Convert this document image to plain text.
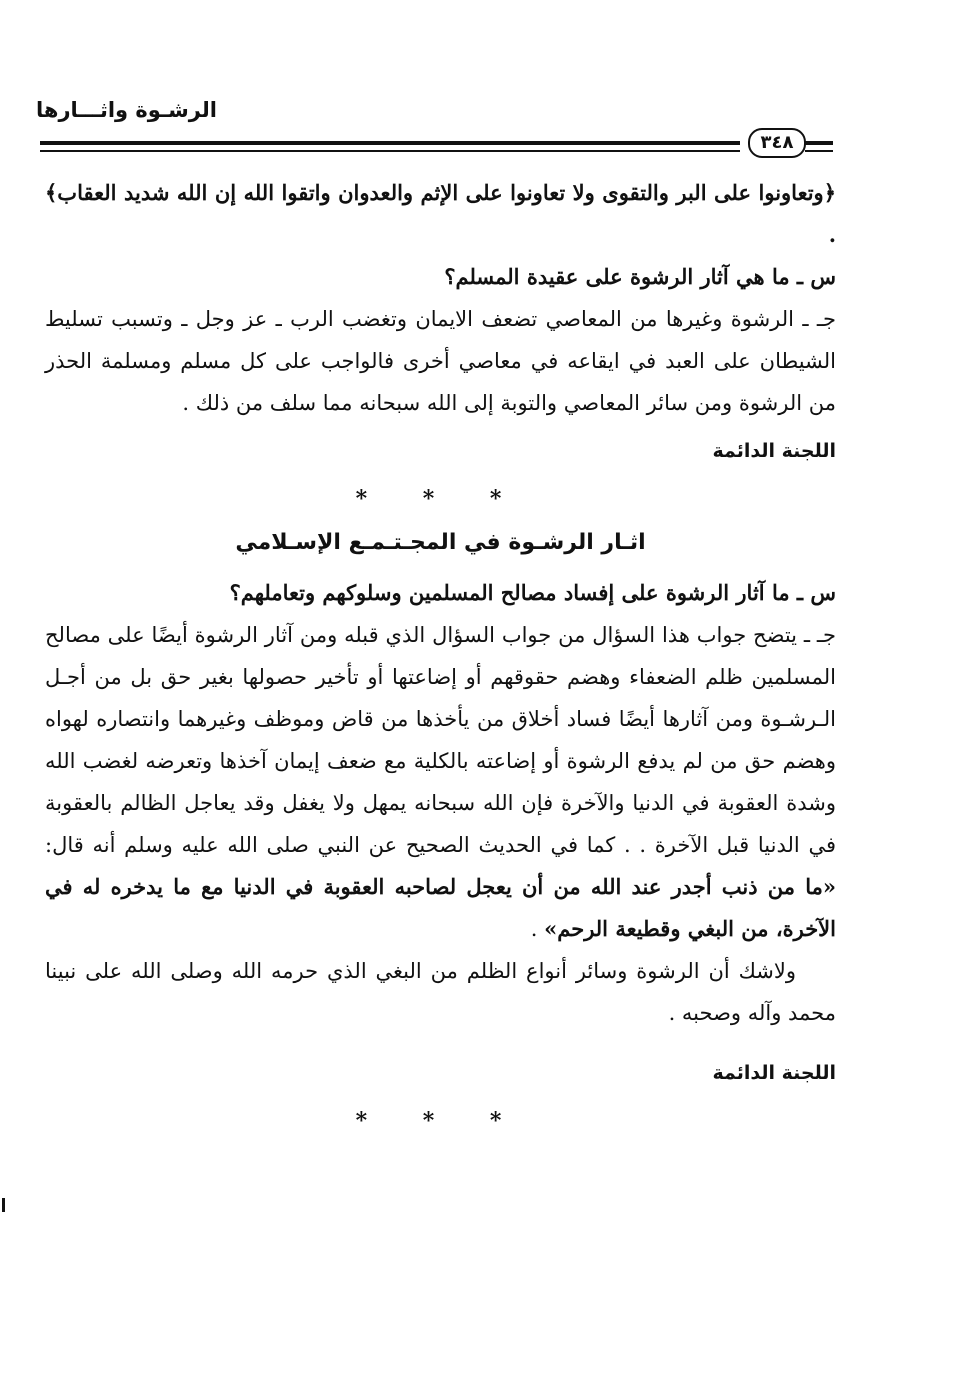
الرشـوة واثـــارها
٣٤٨

﴿وتعاونوا على البر والتقوى ولا تعاونوا على الإثم والعدوان واتقوا الله إن الله شديد العقاب﴾ .

س ـ ما هي آثار الرشوة على عقيدة المسلم؟

جـ ـ الرشوة وغيرها من المعاصي تضعف الايمان وتغضب الرب ـ عز وجل ـ وتسبب تسليط الشيطان على العبد في ايقاعه في معاصي أخرى فالواجب على كل مسلم ومسلمة الحذر من الرشوة ومن سائر المعاصي والتوبة إلى الله سبحانه مما سلف من ذلك .

اللجنة الدائمة

* * *
اثـار الرشـوة في المجـتـمـع الإسـلامي

س ـ ما آثار الرشوة على إفساد مصالح المسلمين وسلوكهم وتعاملهم؟

جـ ـ يتضح جواب هذا السؤال من جواب السؤال الذي قبله ومن آثار الرشوة أيضًا على مصالح المسلمين ظلم الضعفاء وهضم حقوقهم أو إضاعتها أو تأخير حصولها بغير حق بل من أجـل الـرشـوة ومن آثارها أيضًا فساد أخلاق من يأخذها من قاض وموظف وغيرهما وانتصاره لهواه وهضم حق من لم يدفع الرشوة أو إضاعته بالكلية مع ضعف إيمان آخذها وتعرضه لغضب الله وشدة العقوبة في الدنيا والآخرة فإن الله سبحانه يمهل ولا يغفل وقد يعاجل الظالم بالعقوبة في الدنيا قبل الآخرة . . كما في الحديث الصحيح عن النبي صلى الله عليه وسلم أنه قال: «ما من ذنب أجدر عند الله من أن يعجل لصاحبه العقوبة في الدنيا مع ما يدخره له في الآخرة، من البغي وقطيعة الرحم» .

ولاشك أن الرشوة وسائر أنواع الظلم من البغي الذي حرمه الله وصلى الله على نبينا محمد وآله وصحبه .

اللجنة الدائمة

* * *
